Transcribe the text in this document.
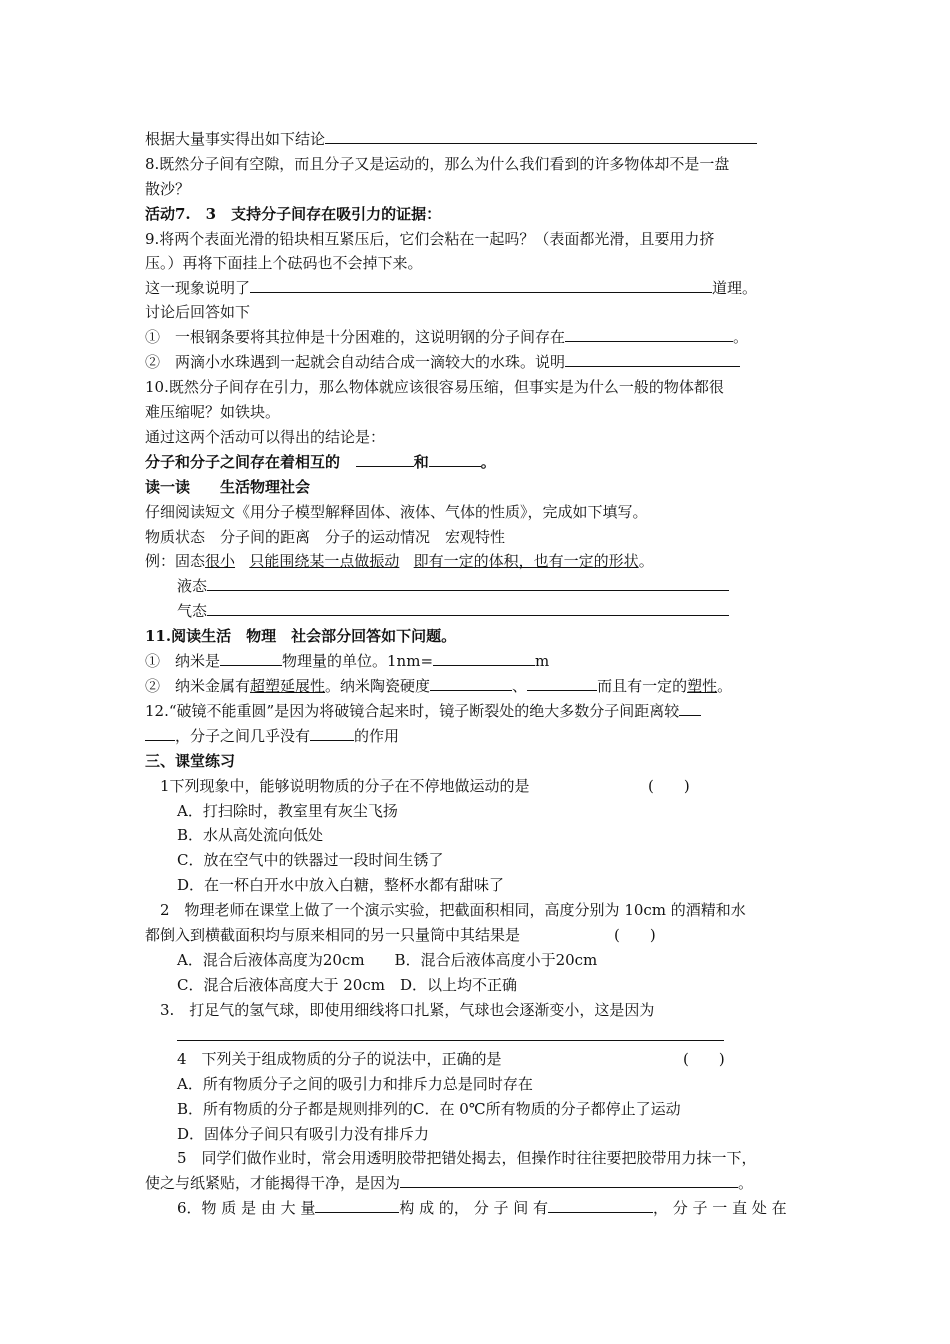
根据大量事实得出如下结论
8.既然分子间有空隙，而且分子又是运动的，那么为什么我们看到的许多物体却不是一盘
散沙？
活动7.　3　支持分子间存在吸引力的证据：
9.将两个表面光滑的铅块相互紧压后，它们会粘在一起吗？（表面都光滑，且要用力挤
压。）再将下面挂上个砝码也不会掉下来。
这一现象说明了	道理。
讨论后回答如下
①　一根钢条要将其拉伸是十分困难的，这说明钢的分子间存在	。
②　两滴小水珠遇到一起就会自动结合成一滴较大的水珠。说明
10.既然分子间存在引力，那么物体就应该很容易压缩，但事实是为什么一般的物体都很
难压缩呢？如铁块。
通过这两个活动可以得出的结论是：
分子和分子之间存在着相互的	和	。
读一读　　生活物理社会
仔细阅读短文《用分子模型解释固体、液体、气体的性质》，完成如下填写。
物质状态　分子间的距离　分子的运动情况　宏观特性
例：固态很小 只能围绕某一点做振动 即有一定的体积，也有一定的形状。
液态
气态
11.阅读生活　物理　社会部分回答如下问题。
①　纳米是	物理量的单位。1nm=	m
②　纳米金属有超塑延展性。纳米陶瓷硬度	、	而且有一定的塑性。
12.“破镜不能重圆”是因为将破镜合起来时，镜子断裂处的绝大多数分子间距离较
，分子之间几乎没有	的作用
三、课堂练习
1下列现象中，能够说明物质的分子在不停地做运动的是	(　　)
A．打扫除时，教室里有灰尘飞扬
B．水从高处流向低处
C．放在空气中的铁器过一段时间生锈了
D．在一杯白开水中放入白糖，整杯水都有甜味了
2　物理老师在课堂上做了一个演示实验，把截面积相同，高度分别为 10cm 的酒精和水
都倒入到横截面积均与原来相同的另一只量筒中其结果是	(　　)
A．混合后液体高度为20cm　　B．混合后液体高度小于20cm
C．混合后液体高度大于 20cm　D．以上均不正确
3.　打足气的氢气球，即使用细线将口扎紧，气球也会逐渐变小，这是因为
4　下列关于组成物质的分子的说法中，正确的是	(　　)
A．所有物质分子之间的吸引力和排斥力总是同时存在
B．所有物质的分子都是规则排列的C．在 0℃所有物质的分子都停止了运动
D．固体分子间只有吸引力没有排斥力
5　同学们做作业时，常会用透明胶带把错处揭去，但操作时往往要把胶带用力抹一下，
使之与纸紧贴，才能揭得干净，是因为	。
6．物 质 是 由 大 量	构 成 的， 分 子 间 有	， 分 子 一 直 处 在
